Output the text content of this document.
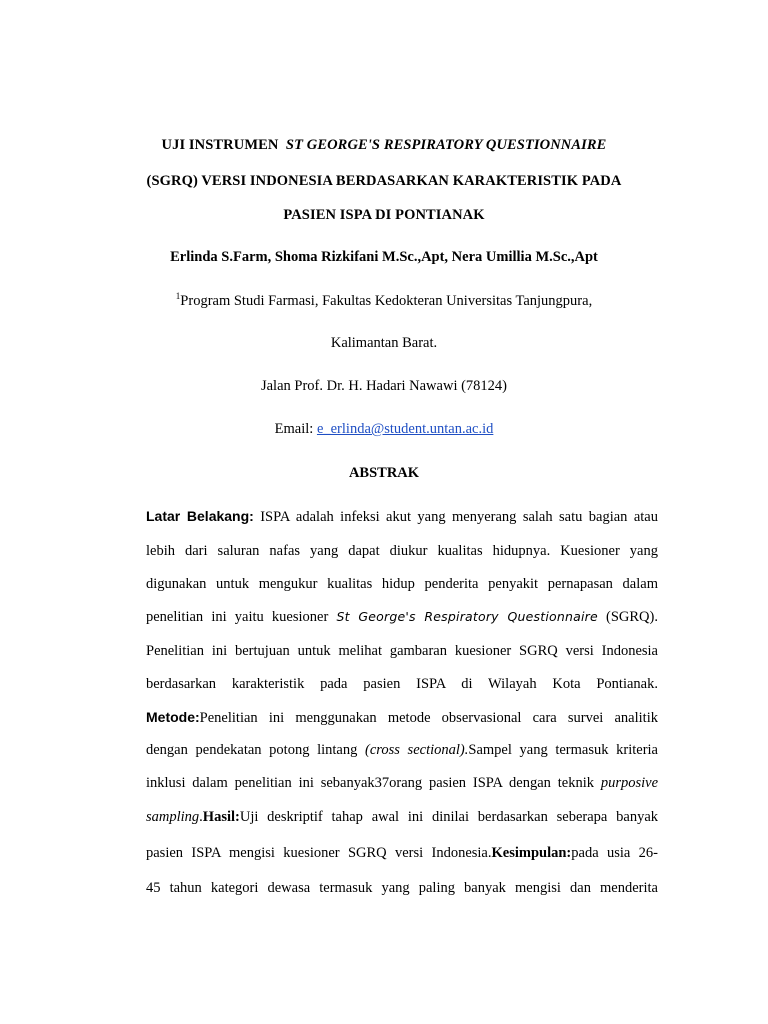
UJI INSTRUMEN ST GEORGE'S RESPIRATORY QUESTIONNAIRE
(SGRQ) VERSI INDONESIA BERDASARKAN KARAKTERISTIK PADA
PASIEN ISPA DI PONTIANAK
Erlinda S.Farm, Shoma Rizkifani M.Sc.,Apt, Nera Umillia M.Sc.,Apt
$^1$Program Studi Farmasi, Fakultas Kedokteran Universitas Tanjungpura,
Kalimantan Barat.
Jalan Prof. Dr. H. Hadari Nawawi (78124)
Email: e_erlinda@student.untan.ac.id
ABSTRAK
Latar Belakang: ISPA adalah infeksi akut yang menyerang salah satu bagian atau
lebih dari saluran nafas yang dapat diukur kualitas hidupnya. Kuesioner yang
digunakan untuk mengukur kualitas hidup penderita penyakit pernapasan dalam
penelitian ini yaitu kuesioner St George's Respiratory Questionnaire (SGRQ).
Penelitian ini bertujuan untuk melihat gambaran kuesioner SGRQ versi Indonesia
berdasarkan karakteristik pada pasien ISPA di Wilayah Kota Pontianak.
Metode:Penelitian ini menggunakan metode observasional cara survei analitik
dengan pendekatan potong lintang (cross sectional).Sampel yang termasuk kriteria
inklusi dalam penelitian ini sebanyak37orang pasien ISPA dengan teknik purposive
sampling.Hasil:Uji deskriptif tahap awal ini dinilai berdasarkan seberapa banyak
pasien ISPA mengisi kuesioner SGRQ versi Indonesia.Kesimpulan:pada usia 26-
45 tahun kategori dewasa termasuk yang paling banyak mengisi dan menderita
